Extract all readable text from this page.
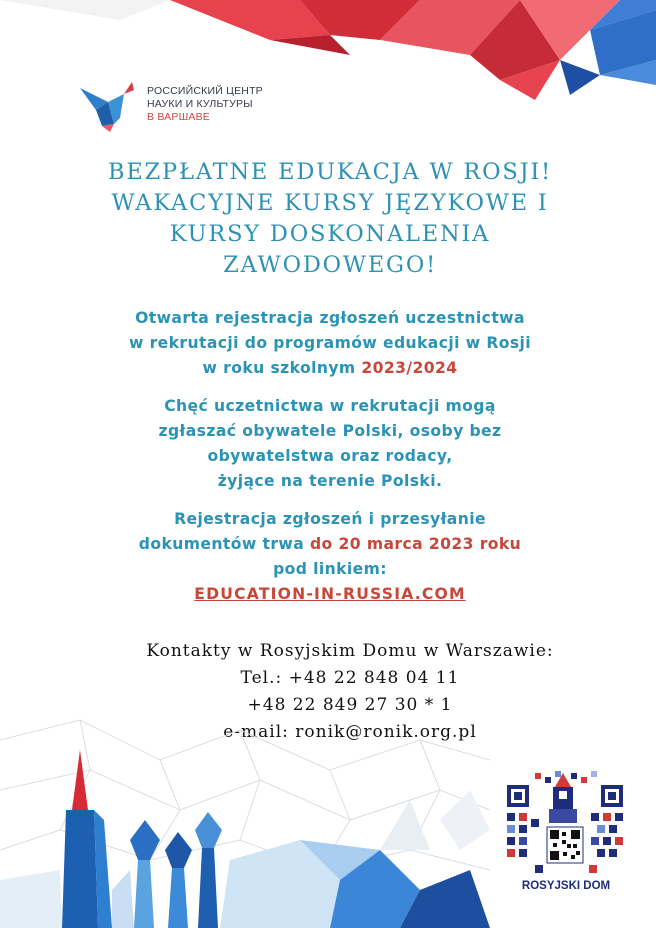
РОССИЙСКИЙ ЦЕНТР
НАУКИ И КУЛЬТУРЫ
В ВАРШАВЕ
BEZPŁATNE EDUKACJA W ROSJI!
WAKACYJNE KURSY JĘZYKOWE I
KURSY DOSKONALENIA
ZAWODOWEGO!
Otwarta rejestracja zgłoszeń uczestnictwa
w rekrutacji do programów edukacji w Rosji
w roku szkolnym 2023/2024
Chęć uczetnictwa w rekrutacji mogą
zgłaszać obywatele Polski, osoby bez
obywatelstwa oraz rodacy,
żyjące na terenie Polski.
Rejestracja zgłoszeń i przesyłanie
dokumentów trwa do 20 marca 2023 roku
pod linkiem:
EDUCATION-IN-RUSSIA.COM
Kontakty w Rosyjskim Domu w Warszawie:
Tel.: +48 22 848 04 11
+48 22 849 27 30 * 1
e-mail: ronik@ronik.org.pl
ROSYJSKI DOM
